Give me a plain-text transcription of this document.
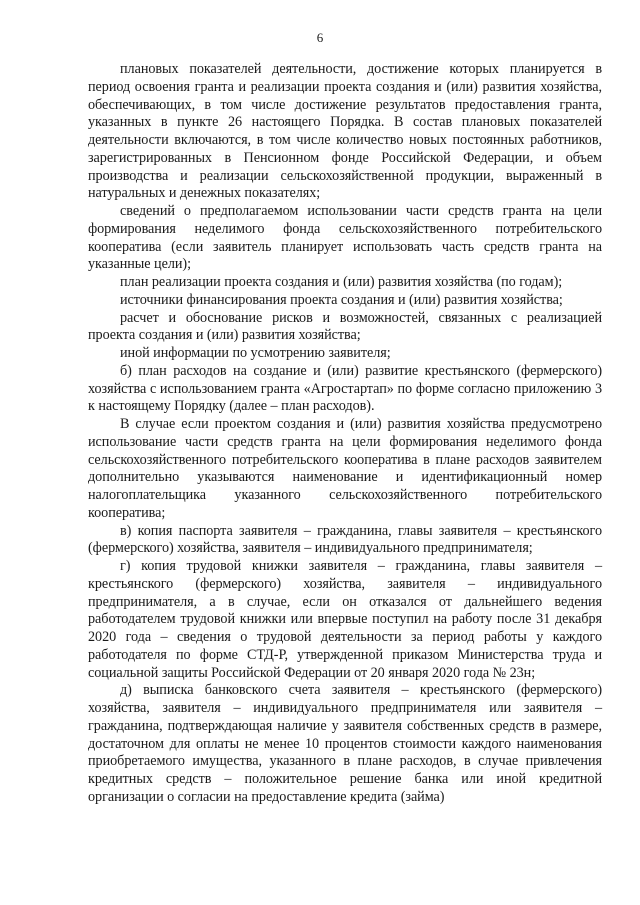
6

плановых показателей деятельности, достижение которых планируется в период освоения гранта и реализации проекта создания и (или) развития хозяйства, обеспечивающих, в том числе достижение результатов предоставления гранта, указанных в пункте 26 настоящего Порядка. В состав плановых показателей деятельности включаются, в том числе количество новых постоянных работников, зарегистрированных в Пенсионном фонде Российской Федерации, и объем производства и реализации сельскохозяйственной продукции, выраженный в натуральных и денежных показателях;

сведений о предполагаемом использовании части средств гранта на цели формирования неделимого фонда сельскохозяйственного потребительского кооператива (если заявитель планирует использовать часть средств гранта на указанные цели);

план реализации проекта создания и (или) развития хозяйства (по годам);

источники финансирования проекта создания и (или) развития хозяйства;

расчет и обоснование рисков и возможностей, связанных с реализацией проекта создания и (или) развития хозяйства;

иной информации по усмотрению заявителя;

б) план расходов на создание и (или) развитие крестьянского (фермерского) хозяйства с использованием гранта «Агростартап» по форме согласно приложению 3 к настоящему Порядку (далее – план расходов).

В случае если проектом создания и (или) развития хозяйства предусмотрено использование части средств гранта на цели формирования неделимого фонда сельскохозяйственного потребительского кооператива в плане расходов заявителем дополнительно указываются наименование и идентификационный номер налогоплательщика указанного сельскохозяйственного потребительского кооператива;

в) копия паспорта заявителя – гражданина, главы заявителя – крестьянского (фермерского) хозяйства, заявителя – индивидуального предпринимателя;

г) копия трудовой книжки заявителя – гражданина, главы заявителя – крестьянского (фермерского) хозяйства, заявителя – индивидуального предпринимателя, а в случае, если он отказался от дальнейшего ведения работодателем трудовой книжки или впервые поступил на работу после 31 декабря 2020 года – сведения о трудовой деятельности за период работы у каждого работодателя по форме СТД-Р, утвержденной приказом Министерства труда и социальной защиты Российской Федерации от 20 января 2020 года № 23н;

д) выписка банковского счета заявителя – крестьянского (фермерского) хозяйства, заявителя – индивидуального предпринимателя или заявителя – гражданина, подтверждающая наличие у заявителя собственных средств в размере, достаточном для оплаты не менее 10 процентов стоимости каждого наименования приобретаемого имущества, указанного в плане расходов, в случае привлечения кредитных средств – положительное решение банка или иной кредитной организации о согласии на предоставление кредита (займа)
